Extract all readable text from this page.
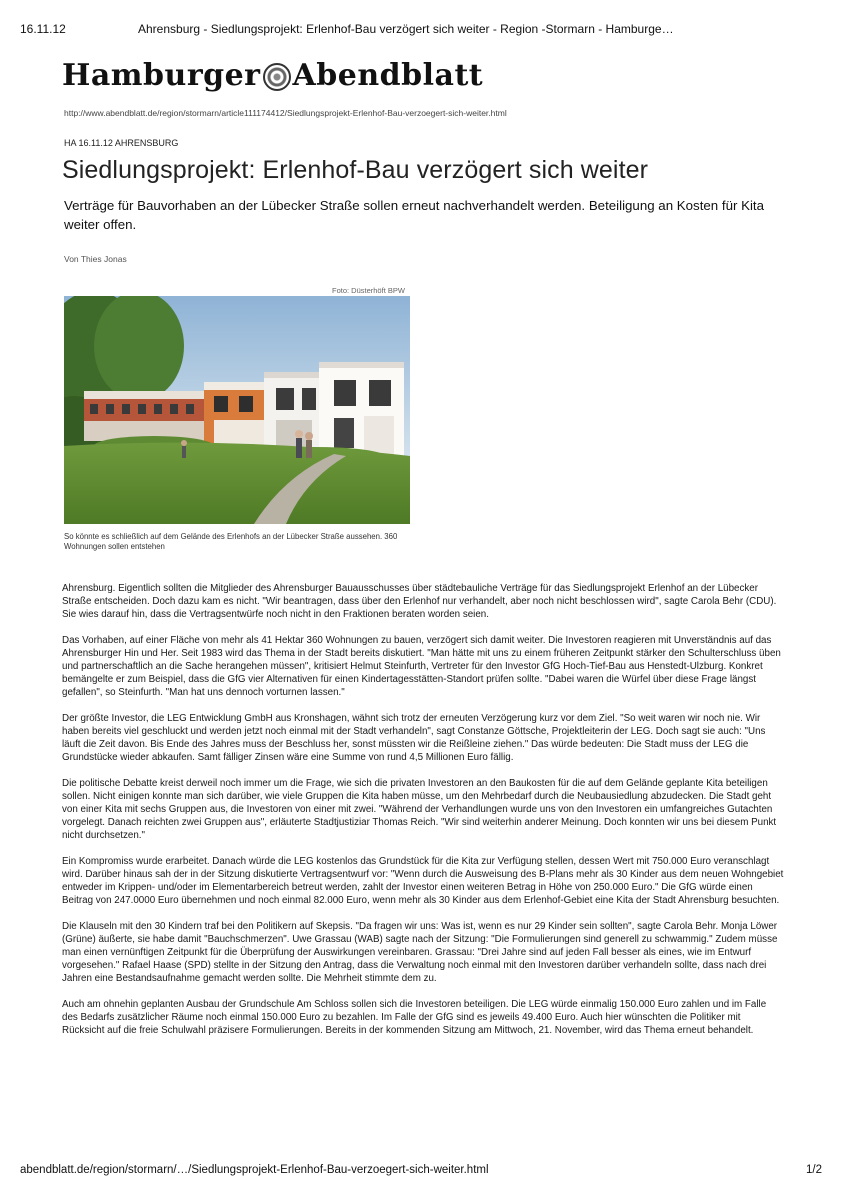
16.11.12	Ahrensburg - Siedlungsprojekt: Erlenhof-Bau verzögert sich weiter - Region -Stormarn - Hamburge…
Hamburger Abendblatt
http://www.abendblatt.de/region/stormarn/article111174412/Siedlungsprojekt-Erlenhof-Bau-verzoegert-sich-weiter.html
HA 16.11.12 AHRENSBURG
Siedlungsprojekt: Erlenhof-Bau verzögert sich weiter

Verträge für Bauvorhaben an der Lübecker Straße sollen erneut nachverhandelt werden. Beteiligung an Kosten für Kita weiter offen.

Von Thies Jonas
Foto: Düsterhöft BPW
So könnte es schließlich auf dem Gelände des Erlenhofs an der Lübecker Straße aussehen. 360 Wohnungen sollen entstehen

Ahrensburg. Eigentlich sollten die Mitglieder des Ahrensburger Bauausschusses über städtebauliche Verträge für das Siedlungsprojekt Erlenhof an der Lübecker Straße entscheiden. Doch dazu kam es nicht. "Wir beantragen, dass über den Erlenhof nur verhandelt, aber noch nicht beschlossen wird", sagte Carola Behr (CDU). Sie wies darauf hin, dass die Vertragsentwürfe noch nicht in den Fraktionen beraten worden seien.

Das Vorhaben, auf einer Fläche von mehr als 41 Hektar 360 Wohnungen zu bauen, verzögert sich damit weiter. Die Investoren reagieren mit Unverständnis auf das Ahrensburger Hin und Her. Seit 1983 wird das Thema in der Stadt bereits diskutiert. "Man hätte mit uns zu einem früheren Zeitpunkt stärker den Schulterschluss üben und partnerschaftlich an die Sache herangehen müssen", kritisiert Helmut Steinfurth, Vertreter für den Investor GfG Hoch-Tief-Bau aus Henstedt-Ulzburg. Konkret bemängelte er zum Beispiel, dass die GfG vier Alternativen für einen Kindertagesstätten-Standort prüfen sollte. "Dabei waren die Würfel über diese Frage längst gefallen", so Steinfurth. "Man hat uns dennoch vorturnen lassen."

Der größte Investor, die LEG Entwicklung GmbH aus Kronshagen, wähnt sich trotz der erneuten Verzögerung kurz vor dem Ziel. "So weit waren wir noch nie. Wir haben bereits viel geschluckt und werden jetzt noch einmal mit der Stadt verhandeln", sagt Constanze Göttsche, Projektleiterin der LEG. Doch sagt sie auch: "Uns läuft die Zeit davon. Bis Ende des Jahres muss der Beschluss her, sonst müssten wir die Reißleine ziehen." Das würde bedeuten: Die Stadt muss der LEG die Grundstücke wieder abkaufen. Samt fälliger Zinsen wäre eine Summe von rund 4,5 Millionen Euro fällig.

Die politische Debatte kreist derweil noch immer um die Frage, wie sich die privaten Investoren an den Baukosten für die auf dem Gelände geplante Kita beteiligen sollen. Nicht einigen konnte man sich darüber, wie viele Gruppen die Kita haben müsse, um den Mehrbedarf durch die Neubausiedlung abzudecken. Die Stadt geht von einer Kita mit sechs Gruppen aus, die Investoren von einer mit zwei. "Während der Verhandlungen wurde uns von den Investoren ein umfangreiches Gutachten vorgelegt. Danach reichten zwei Gruppen aus", erläuterte Stadtjustiziar Thomas Reich. "Wir sind weiterhin anderer Meinung. Doch konnten wir uns bei diesem Punkt nicht durchsetzen."

Ein Kompromiss wurde erarbeitet. Danach würde die LEG kostenlos das Grundstück für die Kita zur Verfügung stellen, dessen Wert mit 750.000 Euro veranschlagt wird. Darüber hinaus sah der in der Sitzung diskutierte Vertragsentwurf vor: "Wenn durch die Ausweisung des B-Plans mehr als 30 Kinder aus dem neuen Wohngebiet entweder im Krippen- und/oder im Elementarbereich betreut werden, zahlt der Investor einen weiteren Betrag in Höhe von 250.000 Euro." Die GfG würde einen Beitrag von 247.0000 Euro übernehmen und noch einmal 82.000 Euro, wenn mehr als 30 Kinder aus dem Erlenhof-Gebiet eine Kita der Stadt Ahrensburg besuchten.

Die Klauseln mit den 30 Kindern traf bei den Politikern auf Skepsis. "Da fragen wir uns: Was ist, wenn es nur 29 Kinder sein sollten", sagte Carola Behr. Monja Löwer (Grüne) äußerte, sie habe damit "Bauchschmerzen". Uwe Grassau (WAB) sagte nach der Sitzung: "Die Formulierungen sind generell zu schwammig." Zudem müsse man einen vernünftigen Zeitpunkt für die Überprüfung der Auswirkungen vereinbaren. Grassau: "Drei Jahre sind auf jeden Fall besser als eines, wie im Entwurf vorgesehen." Rafael Haase (SPD) stellte in der Sitzung den Antrag, dass die Verwaltung noch einmal mit den Investoren darüber verhandeln sollte, dass nach drei Jahren eine Bestandsaufnahme gemacht werden sollte. Die Mehrheit stimmte dem zu.

Auch am ohnehin geplanten Ausbau der Grundschule Am Schloss sollen sich die Investoren beteiligen. Die LEG würde einmalig 150.000 Euro zahlen und im Falle des Bedarfs zusätzlicher Räume noch einmal 150.000 Euro zu bezahlen. Im Falle der GfG sind es jeweils 49.400 Euro. Auch hier wünschten die Politiker mit Rücksicht auf die freie Schulwahl präzisere Formulierungen. Bereits in der kommenden Sitzung am Mittwoch, 21. November, wird das Thema erneut behandelt.

abendblatt.de/region/stormarn/…/Siedlungsprojekt-Erlenhof-Bau-verzoegert-sich-weiter.html	1/2
